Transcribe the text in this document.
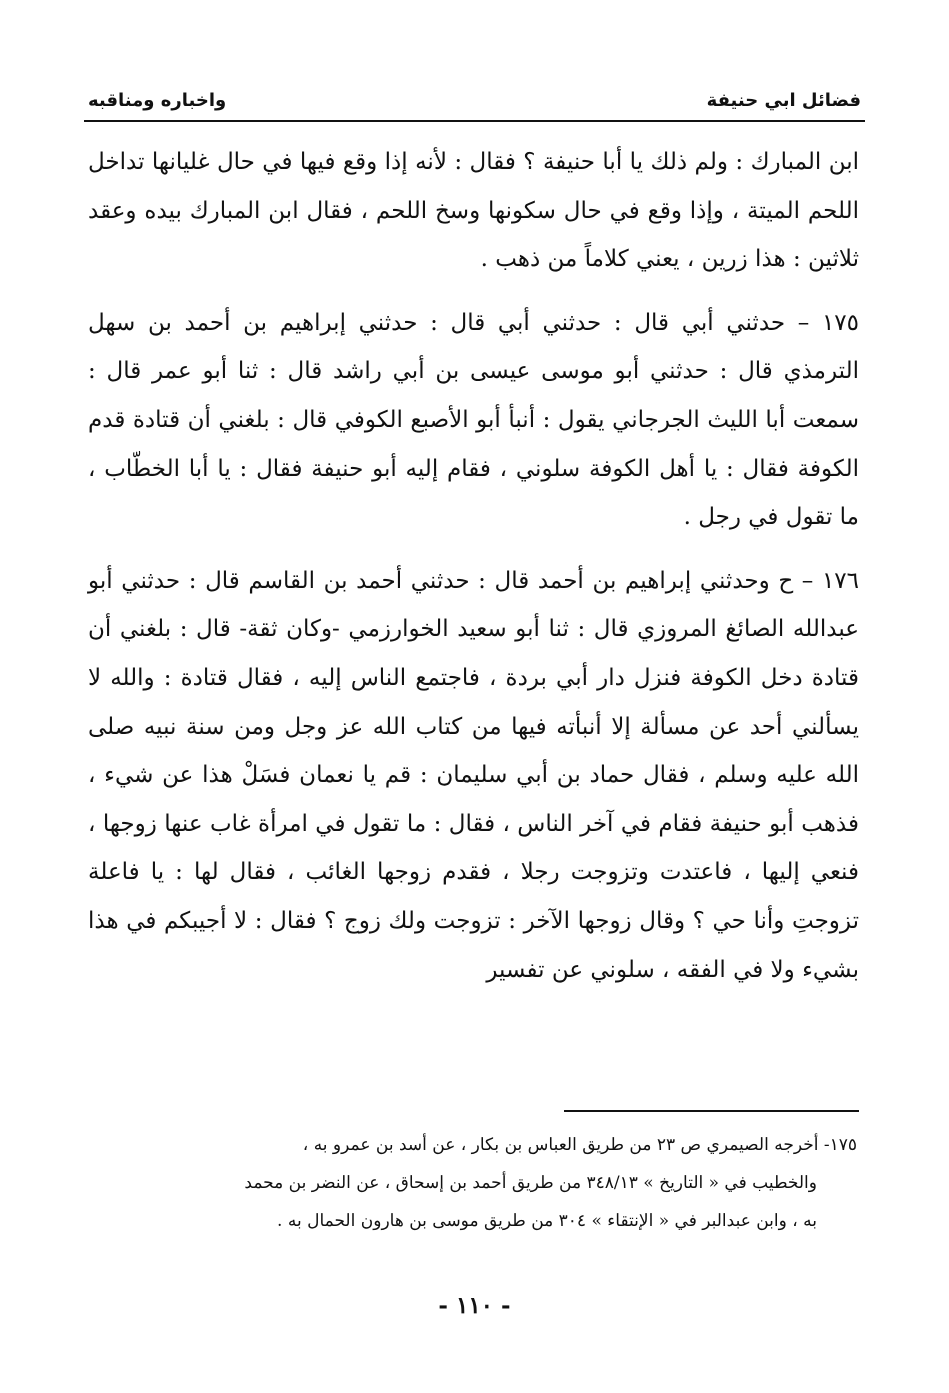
فضائل ابي حنيفة
واخباره ومناقبه

ابن المبارك : ولم ذلك يا أبا حنيفة ؟ فقال : لأنه إذا وقع فيها في حال غليانها تداخل اللحم الميتة ، وإذا وقع في حال سكونها وسخ اللحم ، فقال ابن المبارك بيده وعقد ثلاثين : هذا زرين ، يعني كلاماً من ذهب .

١٧٥ – حدثني أبي قال : حدثني أبي قال : حدثني إبراهيم بن أحمد بن سهل الترمذي قال : حدثني أبو موسى عيسى بن أبي راشد قال : ثنا أبو عمر قال : سمعت أبا الليث الجرجاني يقول : أنبأ أبو الأصبع الكوفي قال : بلغني أن قتادة قدم الكوفة فقال : يا أهل الكوفة سلوني ، فقام إليه أبو حنيفة فقال : يا أبا الخطّاب ، ما تقول في رجل .

١٧٦ – ح وحدثني إبراهيم بن أحمد قال : حدثني أحمد بن القاسم قال : حدثني أبو عبدالله الصائغ المروزي قال : ثنا أبو سعيد الخوارزمي -وكان ثقة- قال : بلغني أن قتادة دخل الكوفة فنزل دار أبي بردة ، فاجتمع الناس إليه ، فقال قتادة : والله لا يسألني أحد عن مسألة إلا أنبأته فيها من كتاب الله عز وجل ومن سنة نبيه صلى الله عليه وسلم ، فقال حماد بن أبي سليمان : قم يا نعمان فسَلْ هذا عن شيء ، فذهب أبو حنيفة فقام في آخر الناس ، فقال : ما تقول في امرأة غاب عنها زوجها ، فنعي إليها ، فاعتدت وتزوجت رجلا ، فقدم زوجها الغائب ، فقال لها : يا فاعلة تزوجتِ وأنا حي ؟ وقال زوجها الآخر : تزوجت ولك زوج ؟ فقال : لا أجيبكم في هذا بشيء ولا في الفقه ، سلوني عن تفسير

١٧٥- أخرجه الصيمري ص ٢٣ من طريق العباس بن بكار ، عن أسد بن عمرو به ،
والخطيب في « التاريخ » ٣٤٨/١٣ من طريق أحمد بن إسحاق ، عن النضر بن محمد
به ، وابن عبدالبر في « الإنتقاء » ٣٠٤ من طريق موسى بن هارون الحمال به .
- ١١٠ -
